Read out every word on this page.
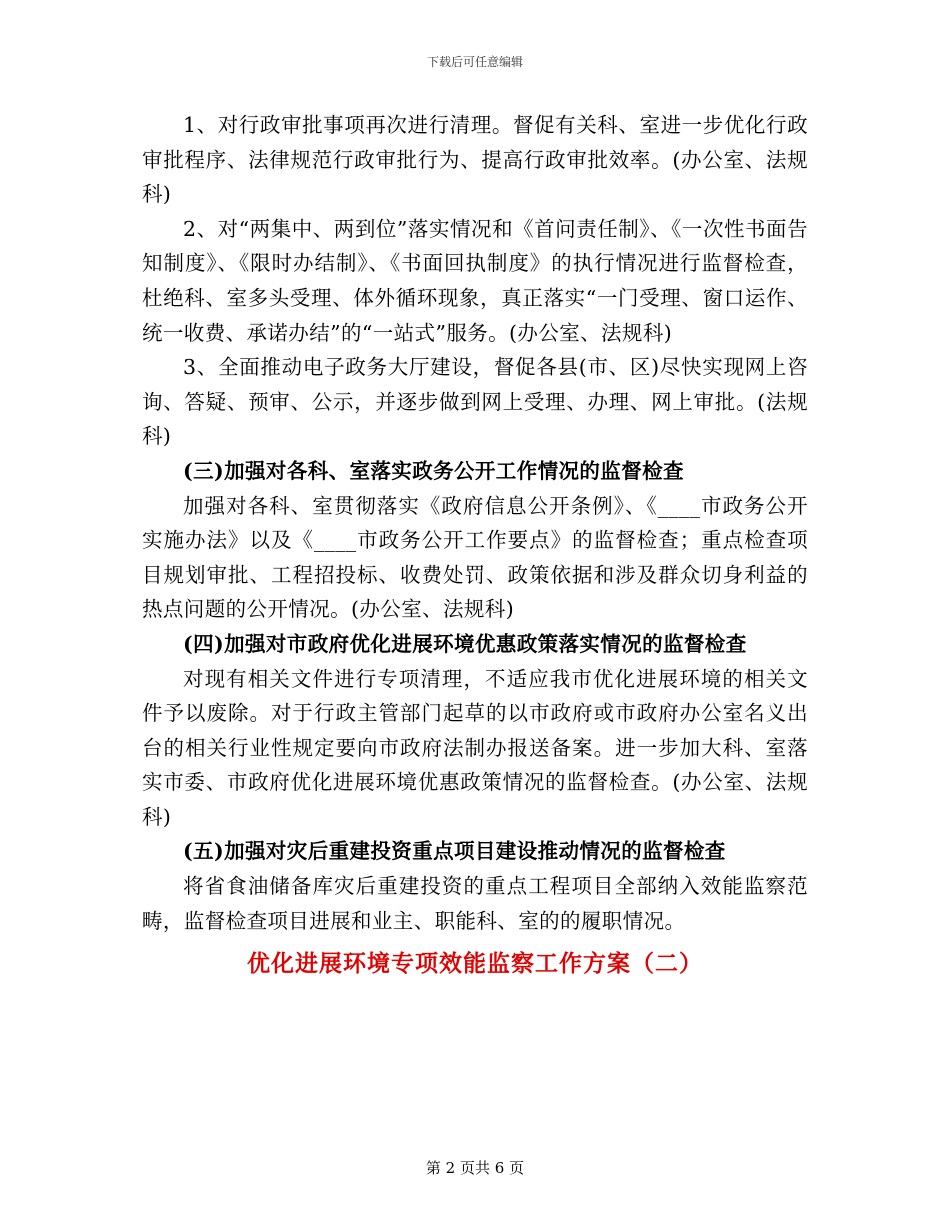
下载后可任意编辑

1、对行政审批事项再次进行清理。督促有关科、室进一步优化行政审批程序、法律规范行政审批行为、提高行政审批效率。(办公室、法规科)

2、对“两集中、两到位”落实情况和《首问责任制》、《一次性书面告知制度》、《限时办结制》、《书面回执制度》的执行情况进行监督检查，杜绝科、室多头受理、体外循环现象，真正落实“一门受理、窗口运作、统一收费、承诺办结”的“一站式”服务。(办公室、法规科)

3、全面推动电子政务大厅建设，督促各县(市、区)尽快实现网上咨询、答疑、预审、公示，并逐步做到网上受理、办理、网上审批。(法规科)

(三)加强对各科、室落实政务公开工作情况的监督检查

加强对各科、室贯彻落实《政府信息公开条例》、《____市政务公开实施办法》以及《____市政务公开工作要点》的监督检查；重点检查项目规划审批、工程招投标、收费处罚、政策依据和涉及群众切身利益的热点问题的公开情况。(办公室、法规科)

(四)加强对市政府优化进展环境优惠政策落实情况的监督检查

对现有相关文件进行专项清理，不适应我市优化进展环境的相关文件予以废除。对于行政主管部门起草的以市政府或市政府办公室名义出台的相关行业性规定要向市政府法制办报送备案。进一步加大科、室落实市委、市政府优化进展环境优惠政策情况的监督检查。(办公室、法规科)

(五)加强对灾后重建投资重点项目建设推动情况的监督检查

将省食油储备库灾后重建投资的重点工程项目全部纳入效能监察范畴，监督检查项目进展和业主、职能科、室的的履职情况。

优化进展环境专项效能监察工作方案（二）
第 2 页共 6 页
